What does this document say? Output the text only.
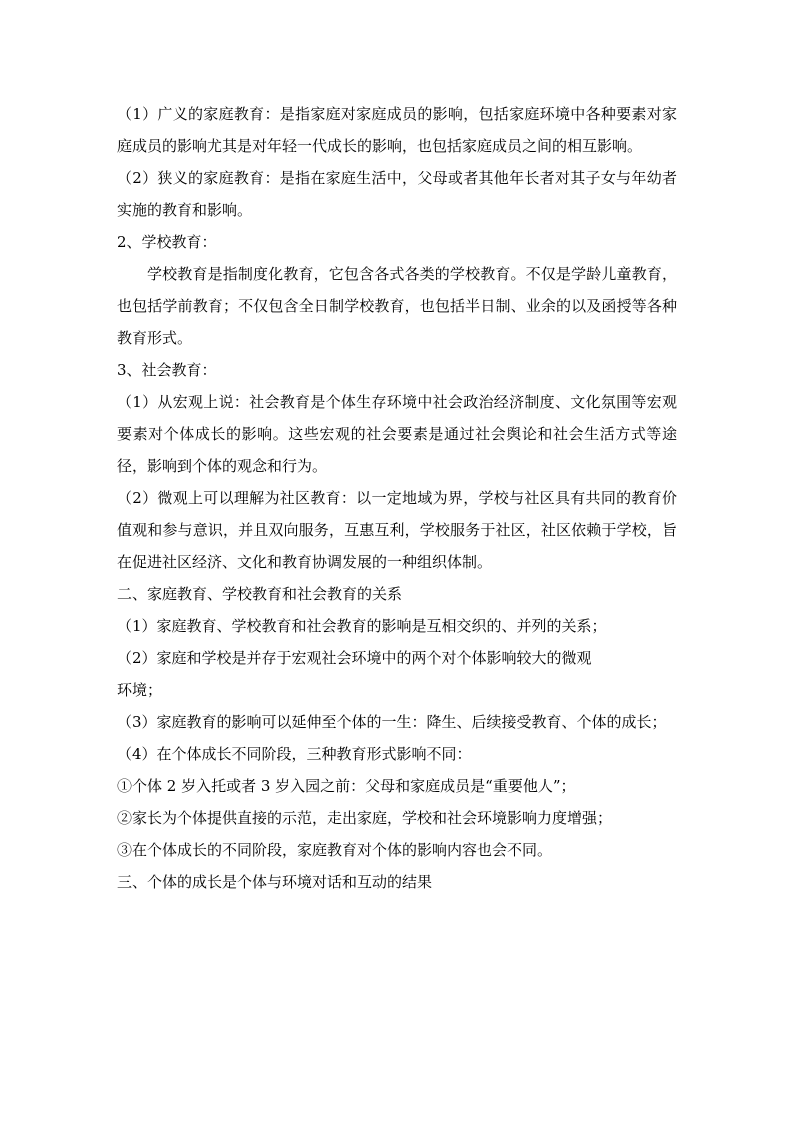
（1）广义的家庭教育：是指家庭对家庭成员的影响，包括家庭环境中各种要素对家庭成员的影响尤其是对年轻一代成长的影响，也包括家庭成员之间的相互影响。

（2）狭义的家庭教育：是指在家庭生活中，父母或者其他年长者对其子女与年幼者实施的教育和影响。

2、学校教育：

学校教育是指制度化教育，它包含各式各类的学校教育。不仅是学龄儿童教育，也包括学前教育；不仅包含全日制学校教育，也包括半日制、业余的以及函授等各种教育形式。

3、社会教育：

（1）从宏观上说：社会教育是个体生存环境中社会政治经济制度、文化氛围等宏观要素对个体成长的影响。这些宏观的社会要素是通过社会舆论和社会生活方式等途径，影响到个体的观念和行为。

（2）微观上可以理解为社区教育：以一定地域为界，学校与社区具有共同的教育价值观和参与意识，并且双向服务，互惠互利，学校服务于社区，社区依赖于学校，旨在促进社区经济、文化和教育协调发展的一种组织体制。

二、家庭教育、学校教育和社会教育的关系

（1）家庭教育、学校教育和社会教育的影响是互相交织的、并列的关系；

（2）家庭和学校是并存于宏观社会环境中的两个对个体影响较大的微观

环境；

（3）家庭教育的影响可以延伸至个体的一生：降生、后续接受教育、个体的成长；

（4）在个体成长不同阶段，三种教育形式影响不同：

①个体 2 岁入托或者 3 岁入园之前：父母和家庭成员是“重要他人”；

②家长为个体提供直接的示范，走出家庭，学校和社会环境影响力度增强；

③在个体成长的不同阶段，家庭教育对个体的影响内容也会不同。

三、个体的成长是个体与环境对话和互动的结果
